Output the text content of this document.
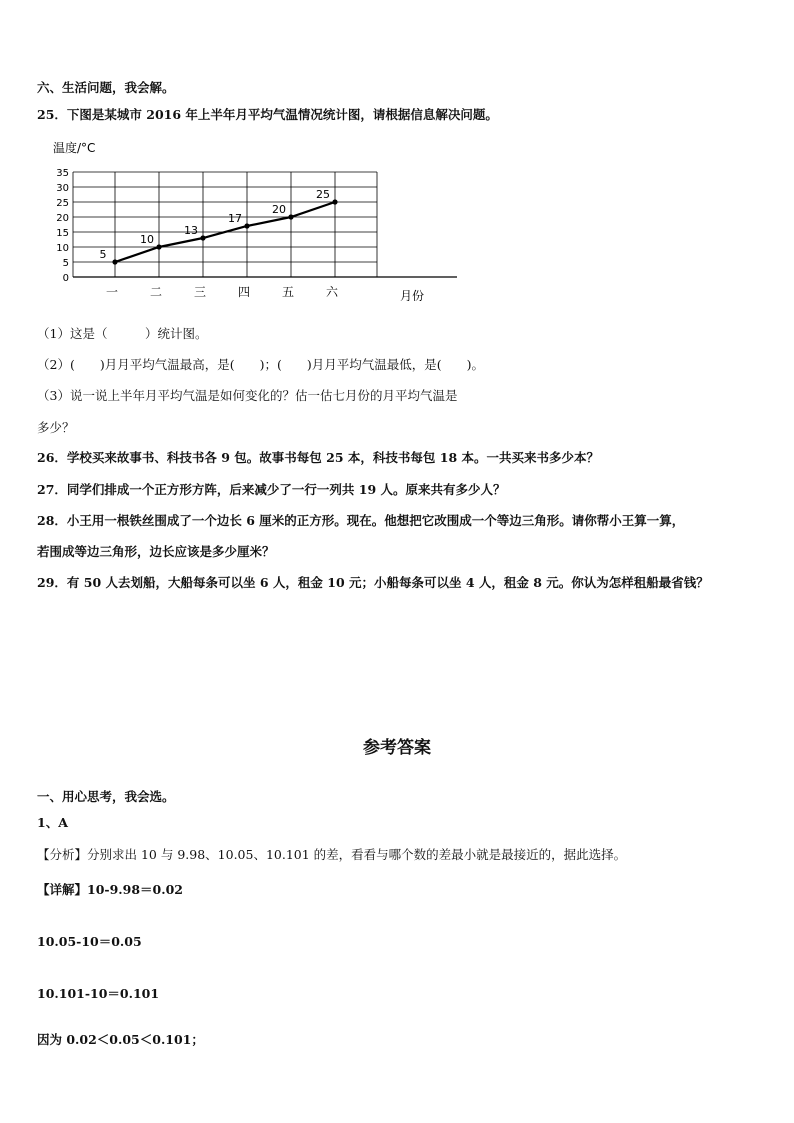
六、生活问题，我会解。
25．下图是某城市 2016 年上半年月平均气温情况统计图，请根据信息解决问题。
0
5
10
15
20
25
30
35
一	二	三	四	五	六
5
10
13
17
20
25
温度/°C
月份
（1）这是（　　　）统计图。
（2）(　　)月月平均气温最高，是(　　)；(　　)月月平均气温最低，是(　　)。
（3）说一说上半年月平均气温是如何变化的？估一估七月份的月平均气温是
多少？
26．学校买来故事书、科技书各 9 包。故事书每包 25 本，科技书每包 18 本。一共买来书多少本？
27．同学们排成一个正方形方阵，后来减少了一行一列共 19 人。原来共有多少人？
28．小王用一根铁丝围成了一个边长 6 厘米的正方形。现在。他想把它改围成一个等边三角形。请你帮小王算一算，
若围成等边三角形，边长应该是多少厘米？
29．有 50 人去划船，大船每条可以坐 6 人，租金 10 元；小船每条可以坐 4 人，租金 8 元。你认为怎样租船最省钱？
参考答案
一、用心思考，我会选。
1、A
【分析】分别求出 10 与 9.98、10.05、10.101 的差，看看与哪个数的差最小就是最接近的，据此选择。
【详解】10-9.98＝0.02
10.05-10＝0.05
10.101-10＝0.101
因为 0.02＜0.05＜0.101；
